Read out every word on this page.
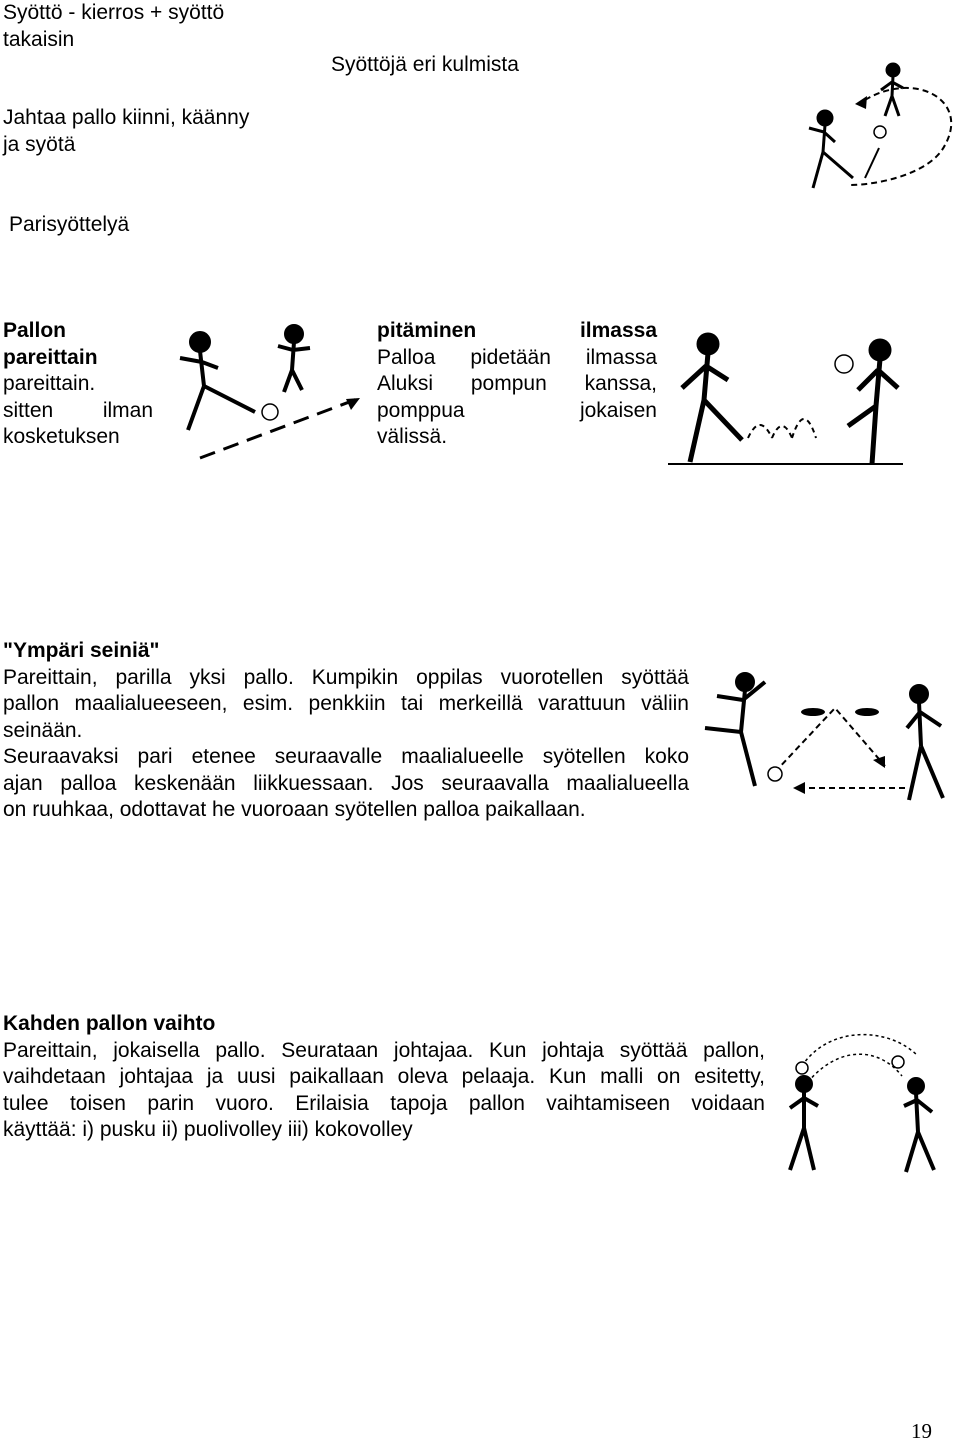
Syöttö - kierros + syöttö
takaisin
Syöttöjä eri kulmista
Jahtaa pallo kiinni, käänny
ja syötä
Parisyöttelyä
Pallon
pareittain
pareittain.
sitten ilman
kosketuksen
pitäminen	ilmassa
Palloa pidetään ilmassa
Aluksi pompun kanssa,
pomppua	jokaisen
välissä.
"Ympäri seiniä"
Pareittain, parilla yksi pallo. Kumpikin oppilas vuorotellen syöttää
pallon maalialueeseen, esim. penkkiin tai merkeillä varattuun väliin
seinään.
Seuraavaksi pari etenee seuraavalle maalialueelle syötellen koko
ajan palloa keskenään liikkuessaan. Jos seuraavalla maalialueella
on ruuhkaa, odottavat he vuoroaan syötellen palloa paikallaan.
Kahden pallon vaihto
Pareittain, jokaisella pallo. Seurataan johtajaa. Kun johtaja syöttää pallon,
vaihdetaan johtajaa ja uusi paikallaan oleva pelaaja. Kun malli on esitetty,
tulee toisen parin vuoro. Erilaisia tapoja pallon vaihtamiseen voidaan
käyttää: i) pusku ii) puolivolley iii) kokovolley
19
